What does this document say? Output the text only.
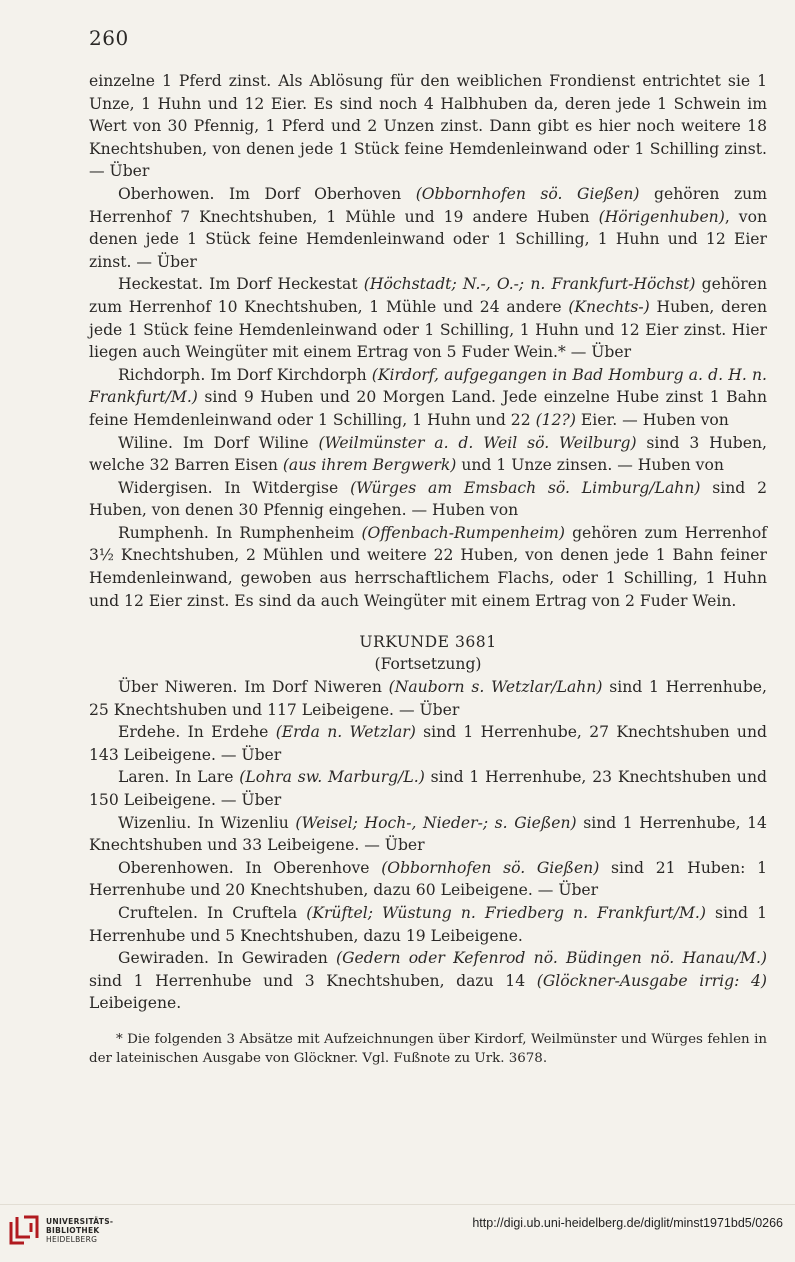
260

einzelne 1 Pferd zinst. Als Ablösung für den weiblichen Frondienst entrichtet sie 1 Unze, 1 Huhn und 12 Eier. Es sind noch 4 Halbhuben da, deren jede 1 Schwein im Wert von 30 Pfennig, 1 Pferd und 2 Unzen zinst. Dann gibt es hier noch weitere 18 Knechtshuben, von denen jede 1 Stück feine Hemdenleinwand oder 1 Schilling zinst. — Über

Oberhowen. Im Dorf Oberhoven (Obbornhofen sö. Gießen) gehören zum Herrenhof 7 Knechtshuben, 1 Mühle und 19 andere Huben (Hörigenhuben), von denen jede 1 Stück feine Hemdenleinwand oder 1 Schilling, 1 Huhn und 12 Eier zinst. — Über

Heckestat. Im Dorf Heckestat (Höchstadt; N.-, O.-; n. Frankfurt-Höchst) gehören zum Herrenhof 10 Knechtshuben, 1 Mühle und 24 andere (Knechts-) Huben, deren jede 1 Stück feine Hemdenleinwand oder 1 Schilling, 1 Huhn und 12 Eier zinst. Hier liegen auch Weingüter mit einem Ertrag von 5 Fuder Wein.* — Über

Richdorph. Im Dorf Kirchdorph (Kirdorf, aufgegangen in Bad Homburg a. d. H. n. Frankfurt/M.) sind 9 Huben und 20 Morgen Land. Jede einzelne Hube zinst 1 Bahn feine Hemdenleinwand oder 1 Schilling, 1 Huhn und 22 (12?) Eier. — Huben von

Wiline. Im Dorf Wiline (Weilmünster a. d. Weil sö. Weilburg) sind 3 Huben, welche 32 Barren Eisen (aus ihrem Bergwerk) und 1 Unze zinsen. — Huben von

Widergisen. In Witdergise (Würges am Emsbach sö. Limburg/Lahn) sind 2 Huben, von denen 30 Pfennig eingehen. — Huben von

Rumphenh. In Rumphenheim (Offenbach-Rumpenheim) gehören zum Herrenhof 3½ Knechtshuben, 2 Mühlen und weitere 22 Huben, von denen jede 1 Bahn feiner Hemdenleinwand, gewoben aus herrschaftlichem Flachs, oder 1 Schilling, 1 Huhn und 12 Eier zinst. Es sind da auch Weingüter mit einem Ertrag von 2 Fuder Wein.

URKUNDE 3681
(Fortsetzung)

Über Niweren. Im Dorf Niweren (Nauborn s. Wetzlar/Lahn) sind 1 Herrenhube, 25 Knechtshuben und 117 Leibeigene. — Über

Erdehe. In Erdehe (Erda n. Wetzlar) sind 1 Herrenhube, 27 Knechtshuben und 143 Leibeigene. — Über

Laren. In Lare (Lohra sw. Marburg/L.) sind 1 Herrenhube, 23 Knechtshuben und 150 Leibeigene. — Über

Wizenliu. In Wizenliu (Weisel; Hoch-, Nieder-; s. Gießen) sind 1 Herrenhube, 14 Knechtshuben und 33 Leibeigene. — Über

Oberenhowen. In Oberenhove (Obbornhofen sö. Gießen) sind 21 Huben: 1 Herrenhube und 20 Knechtshuben, dazu 60 Leibeigene. — Über

Cruftelen. In Cruftela (Krüftel; Wüstung n. Friedberg n. Frankfurt/M.) sind 1 Herrenhube und 5 Knechtshuben, dazu 19 Leibeigene.

Gewiraden. In Gewiraden (Gedern oder Kefenrod nö. Büdingen nö. Hanau/M.) sind 1 Herrenhube und 3 Knechtshuben, dazu 14 (Glöckner-Ausgabe irrig: 4) Leibeigene.

* Die folgenden 3 Absätze mit Aufzeichnungen über Kirdorf, Weilmünster und Würges fehlen in der lateinischen Ausgabe von Glöckner. Vgl. Fußnote zu Urk. 3678.
UNIVERSITÄTS-
BIBLIOTHEK
HEIDELBERG
http://digi.ub.uni-heidelberg.de/diglit/minst1971bd5/0266
